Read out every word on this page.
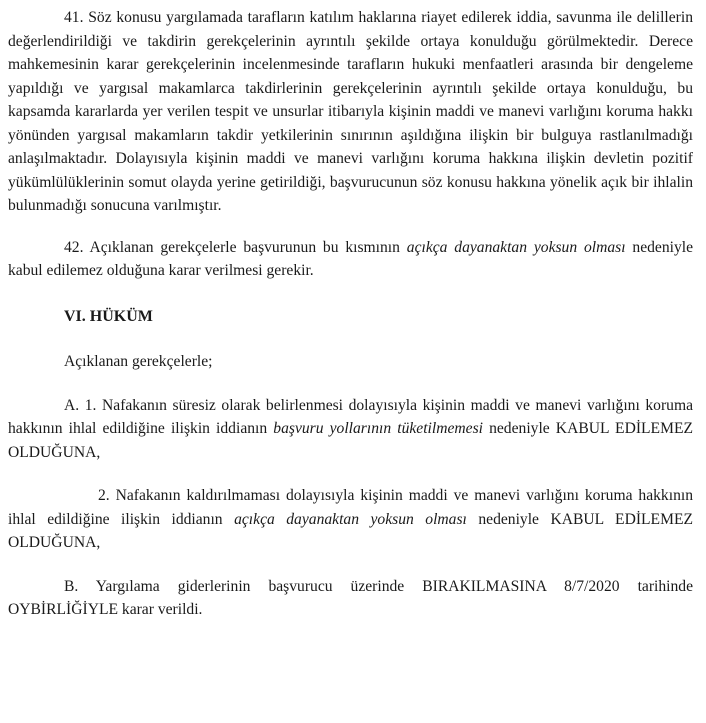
41. Söz konusu yargılamada tarafların katılım haklarına riayet edilerek iddia, savunma ile delillerin değerlendirildiği ve takdirin gerekçelerinin ayrıntılı şekilde ortaya konulduğu görülmektedir. Derece mahkemesinin karar gerekçelerinin incelenmesinde tarafların hukuki menfaatleri arasında bir dengeleme yapıldığı ve yargısal makamlarca takdirlerinin gerekçelerinin ayrıntılı şekilde ortaya konulduğu, bu kapsamda kararlarda yer verilen tespit ve unsurlar itibarıyla kişinin maddi ve manevi varlığını koruma hakkı yönünden yargısal makamların takdir yetkilerinin sınırının aşıldığına ilişkin bir bulguya rastlanılmadığı anlaşılmaktadır. Dolayısıyla kişinin maddi ve manevi varlığını koruma hakkına ilişkin devletin pozitif yükümlülüklerinin somut olayda yerine getirildiği, başvurucunun söz konusu hakkına yönelik açık bir ihlalin bulunmadığı sonucuna varılmıştır.

42. Açıklanan gerekçelerle başvurunun bu kısmının açıkça dayanaktan yoksun olması nedeniyle kabul edilemez olduğuna karar verilmesi gerekir.

VI. HÜKÜM

Açıklanan gerekçelerle;

A. 1. Nafakanın süresiz olarak belirlenmesi dolayısıyla kişinin maddi ve manevi varlığını koruma hakkının ihlal edildiğine ilişkin iddianın başvuru yollarının tüketilmemesi nedeniyle KABUL EDİLEMEZ OLDUĞUNA,

2. Nafakanın kaldırılmaması dolayısıyla kişinin maddi ve manevi varlığını koruma hakkının ihlal edildiğine ilişkin iddianın açıkça dayanaktan yoksun olması nedeniyle KABUL EDİLEMEZ OLDUĞUNA,

B. Yargılama giderlerinin başvurucu üzerinde BIRAKILMASINA 8/7/2020 tarihinde OYBİRLİĞİYLE karar verildi.
